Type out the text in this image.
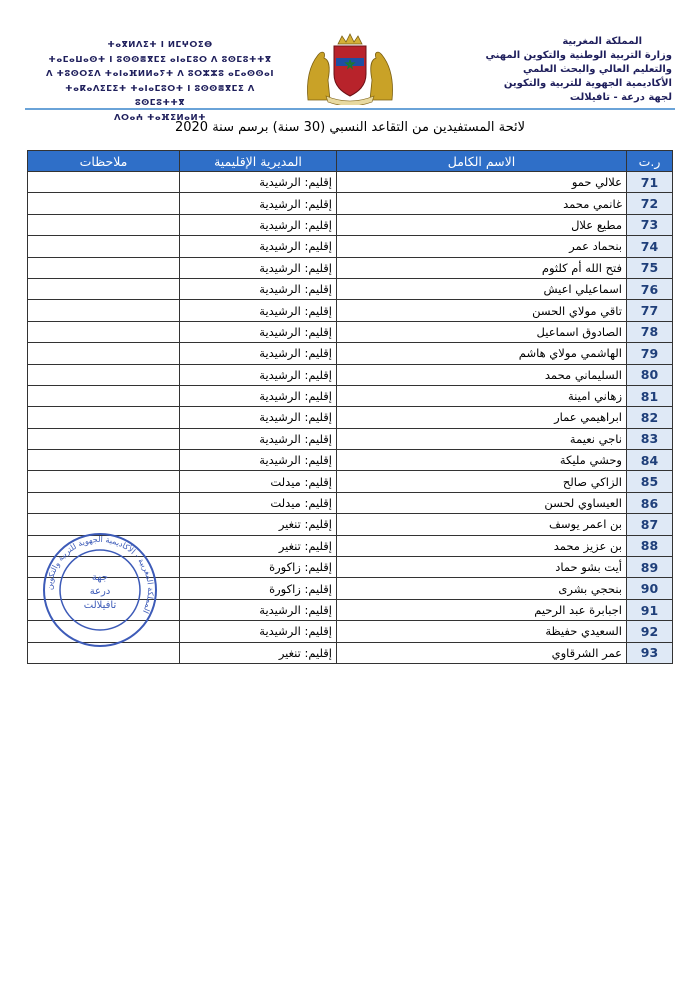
ⵜⴰⴳⵍⴷⵉⵜ ⵏ ⵍⵎⵖⵔⵉⴱ
ⵜⴰⵎⴰⵡⴰⵙⵜ ⵏ ⵓⵙⵙⴻⴳⵎⵉ ⴰⵏⴰⵎⵓⵔ ⴷ ⵓⵙⵎⵓⵜⵜⴳ
ⴷ ⵜⵓⵙⵔⵉⴷ ⵜⴰⵏⴰⴼⵍⵍⴰⵢⵜ ⴷ ⵓⵔⵣⵣⵓ ⴰⵎⴰⵙⵙⴰⵏ
ⵜⴰⴽⴰⴷⵉⵎⵉⵜ ⵜⴰⵏⴰⵎⵓⵔⵜ ⵏ ⵓⵙⵙⴻⴳⵎⵉ ⴷ ⵓⵙⵎⵓⵜⵜⴳ
ⴷⵔⴰⵄ ⵜⴰⴼⵉⵍⴰⵍⵜ
المملكة المغربية
وزارة التربية الوطنية والتكوين المهني
والتعليم العالي والبحث العلمي
الأكاديمية الجهوية للتربية والتكوين
لجهة درعة - تافيلالت
لائحة المستفيدين من التقاعد النسبي (30 سنة) برسم سنة 2020
ر.ت	الاسم الكامل	المديرية الإقليمية	ملاحظات
71	علالي حمو	إقليم: الرشيدية	
72	غانمي محمد	إقليم: الرشيدية	
73	مطيع علال	إقليم: الرشيدية	
74	بنحماد عمر	إقليم: الرشيدية	
75	فتح الله أم كلثوم	إقليم: الرشيدية	
76	اسماعيلي اعيش	إقليم: الرشيدية	
77	تاقي مولاي الحسن	إقليم: الرشيدية	
78	الصادوق اسماعيل	إقليم: الرشيدية	
79	الهاشمي مولاي هاشم	إقليم: الرشيدية	
80	السليماني محمد	إقليم: الرشيدية	
81	زهاني امينة	إقليم: الرشيدية	
82	ابراهيمي عمار	إقليم: الرشيدية	
83	ناجي نعيمة	إقليم: الرشيدية	
84	وحشي مليكة	إقليم: الرشيدية	
85	الزاكي صالح	إقليم: ميدلت	
86	العيساوي لحسن	إقليم: ميدلت	
87	بن اعمر يوسف	إقليم: تنغير	
88	بن عزيز محمد	إقليم: تنغير	
89	أيت بشو حماد	إقليم: زاكورة	
90	بنحجي بشرى	إقليم: زاكورة	
91	اجبابرة عبد الرحيم	إقليم: الرشيدية	
92	السعيدي حفيظة	إقليم: الرشيدية	
93	عمر الشرقاوي	إقليم: تنغير	
المملكة المغربية - الأكاديمية الجهوية للتربية والتكوين
جهة
درعة
تافيلالت
